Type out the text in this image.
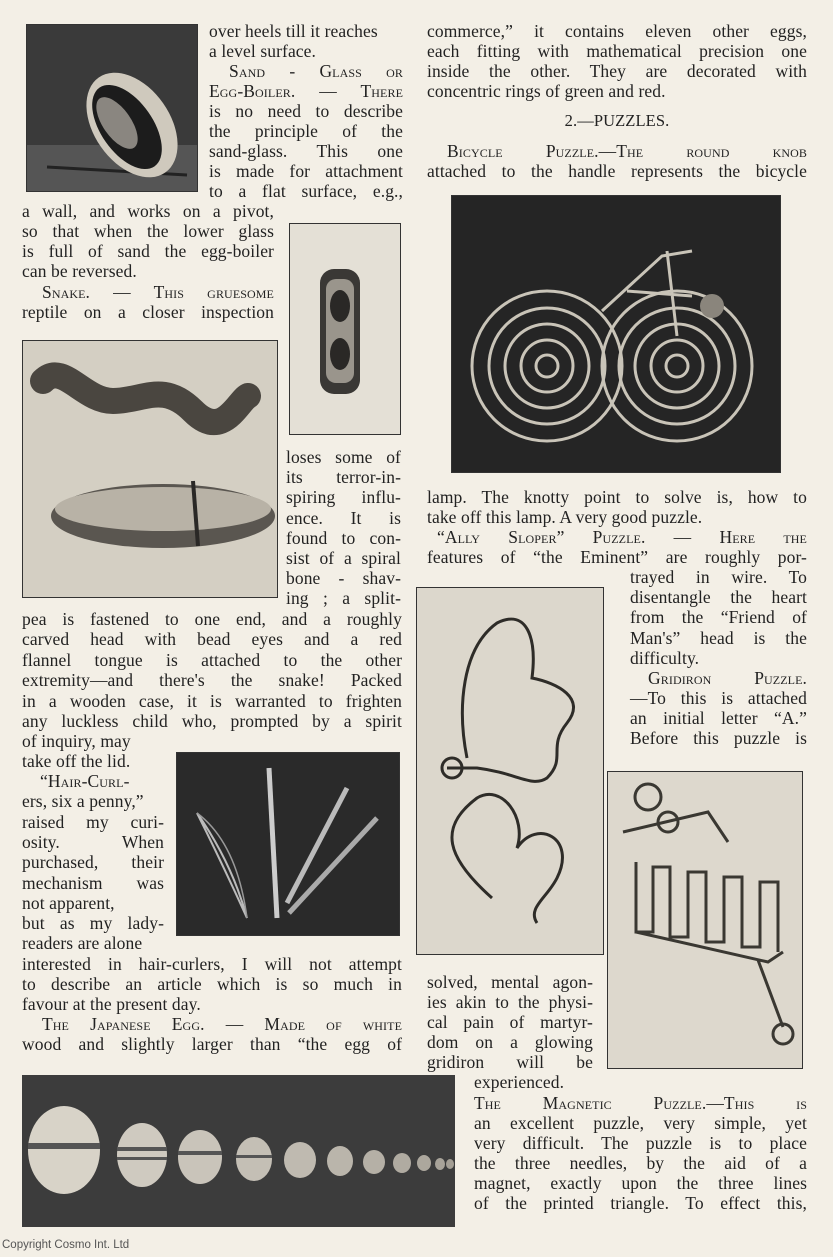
over heels till it reaches
a level surface.
Sand - Glass or
Egg-Boiler. — There
is no need to describe
the principle of the
sand-glass. This one
is made for attachment
to a flat surface, e.g.,
a wall, and works on a pivot,
so that when the lower glass
is full of sand the egg-boiler
can be reversed.
Snake. — This gruesome
reptile on a closer inspection
loses some of
its terror-in-
spiring influ-
ence. It is
found to con-
sist of a spiral
bone - shav-
ing ; a split-
pea is fastened to one end, and a roughly
carved head with bead eyes and a red
flannel tongue is attached to the other
extremity—and there's the snake! Packed
in a wooden case, it is warranted to frighten
any luckless child who, prompted by a spirit
of inquiry, may
take off the lid.
“Hair-Curl-
ers, six a penny,”
raised my curi-
osity. When
purchased, their
mechanism was
not apparent,
but as my lady-
readers are alone
interested in hair-curlers, I will not attempt
to describe an article which is so much in
favour at the present day.
The Japanese Egg. — Made of white
wood and slightly larger than “the egg of
commerce,” it contains eleven other eggs,
each fitting with mathematical precision one
inside the other. They are decorated with
concentric rings of green and red.
2.—PUZZLES.
Bicycle Puzzle.—The round knob
attached to the handle represents the bicycle
lamp. The knotty point to solve is, how to
take off this lamp. A very good puzzle.
“Ally Sloper” Puzzle. — Here the
features of “the Eminent” are roughly por-
trayed in wire. To
disentangle the heart
from the “Friend of
Man's” head is the
difficulty.
Gridiron Puzzle.
—To this is attached
an initial letter “A.”
Before this puzzle is
solved, mental agon-
ies akin to the physi-
cal pain of martyr-
dom on a glowing
gridiron will be
experienced.
The Magnetic Puzzle.—This is
an excellent puzzle, very simple, yet
very difficult. The puzzle is to place
the three needles, by the aid of a
magnet, exactly upon the three lines
of the printed triangle. To effect this,
Copyright Cosmo Int. Ltd
